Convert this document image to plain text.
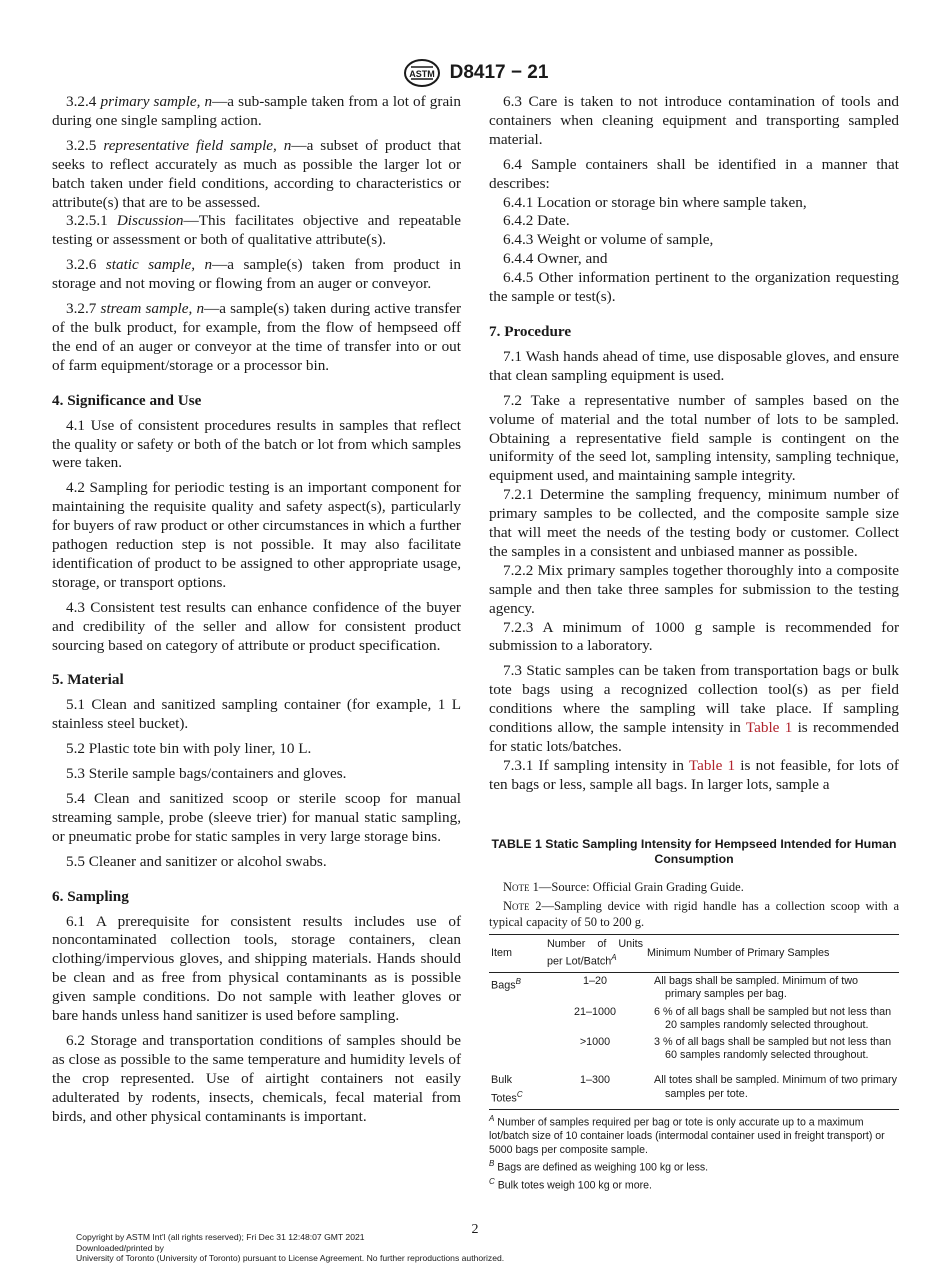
ASTM D8417 − 21

3.2.4 primary sample, n—a sub-sample taken from a lot of grain during one single sampling action.

3.2.5 representative field sample, n—a subset of product that seeks to reflect accurately as much as possible the larger lot or batch taken under field conditions, according to characteristics or attribute(s) that are to be assessed.

3.2.5.1 Discussion—This facilitates objective and repeatable testing or assessment or both of qualitative attribute(s).

3.2.6 static sample, n—a sample(s) taken from product in storage and not moving or flowing from an auger or conveyor.

3.2.7 stream sample, n—a sample(s) taken during active transfer of the bulk product, for example, from the flow of hempseed off the end of an auger or conveyor at the time of transfer into or out of farm equipment/storage or a processor bin.

4. Significance and Use

4.1 Use of consistent procedures results in samples that reflect the quality or safety or both of the batch or lot from which samples were taken.

4.2 Sampling for periodic testing is an important component for maintaining the requisite quality and safety aspect(s), particularly for buyers of raw product or other circumstances in which a further pathogen reduction step is not possible. It may also facilitate identification of product to be assigned to other appropriate usage, storage, or transport options.

4.3 Consistent test results can enhance confidence of the buyer and credibility of the seller and allow for consistent product sourcing based on category of attribute or product specification.

5. Material

5.1 Clean and sanitized sampling container (for example, 1 L stainless steel bucket).

5.2 Plastic tote bin with poly liner, 10 L.

5.3 Sterile sample bags/containers and gloves.

5.4 Clean and sanitized scoop or sterile scoop for manual streaming sample, probe (sleeve trier) for manual static sampling, or pneumatic probe for static samples in very large storage bins.

5.5 Cleaner and sanitizer or alcohol swabs.

6. Sampling

6.1 A prerequisite for consistent results includes use of noncontaminated collection tools, storage containers, clean clothing/impervious gloves, and shipping materials. Hands should be clean and as free from physical contaminants as is possible given sample conditions. Do not sample with leather gloves or bare hands unless hand sanitizer is used before sampling.

6.2 Storage and transportation conditions of samples should be as close as possible to the same temperature and humidity levels of the crop represented. Use of airtight containers not easily adulterated by rodents, insects, chemicals, fecal material from birds, and other physical contaminants is important.

6.3 Care is taken to not introduce contamination of tools and containers when cleaning equipment and transporting sampled material.

6.4 Sample containers shall be identified in a manner that describes:

6.4.1 Location or storage bin where sample taken,

6.4.2 Date.

6.4.3 Weight or volume of sample,

6.4.4 Owner, and

6.4.5 Other information pertinent to the organization requesting the sample or test(s).

7. Procedure

7.1 Wash hands ahead of time, use disposable gloves, and ensure that clean sampling equipment is used.

7.2 Take a representative number of samples based on the volume of material and the total number of lots to be sampled. Obtaining a representative field sample is contingent on the uniformity of the seed lot, sampling intensity, sampling technique, equipment used, and maintaining sample integrity.

7.2.1 Determine the sampling frequency, minimum number of primary samples to be collected, and the composite sample size that will meet the needs of the testing body or customer. Collect the samples in a consistent and unbiased manner as possible.

7.2.2 Mix primary samples together thoroughly into a composite sample and then take three samples for submission to the testing agency.

7.2.3 A minimum of 1000 g sample is recommended for submission to a laboratory.

7.3 Static samples can be taken from transportation bags or bulk tote bags using a recognized collection tool(s) as per field conditions where the sampling will take place. If sampling conditions allow, the sample intensity in Table 1 is recommended for static lots/batches.

7.3.1 If sampling intensity in Table 1 is not feasible, for lots of ten bags or less, sample all bags. In larger lots, sample a

TABLE 1 Static Sampling Intensity for Hempseed Intended for Human Consumption

Note 1—Source: Official Grain Grading Guide.

Note 2—Sampling device with rigid handle has a collection scoop with a typical capacity of 50 to 200 g.

Item	Number of Units per Lot/Batch$^A$	Minimum Number of Primary Samples
Bags$^B$	1–20	All bags shall be sampled. Minimum of two primary samples per bag.
	21–1000	6 % of all bags shall be sampled but not less than 20 samples randomly selected throughout.
	>1000	3 % of all bags shall be sampled but not less than 60 samples randomly selected throughout.
Bulk Totes$^C$	1–300	All totes shall be sampled. Minimum of two primary samples per tote.

$^A$ Number of samples required per bag or tote is only accurate up to a maximum lot/batch size of 10 container loads (intermodal container used in freight transport) or 5000 bags per composite sample.

$^B$ Bags are defined as weighing 100 kg or less.

$^C$ Bulk totes weigh 100 kg or more.

2
Copyright by ASTM Int'l (all rights reserved); Fri Dec 31 12:48:07 GMT 2021
Downloaded/printed by
University of Toronto (University of Toronto) pursuant to License Agreement. No further reproductions authorized.
